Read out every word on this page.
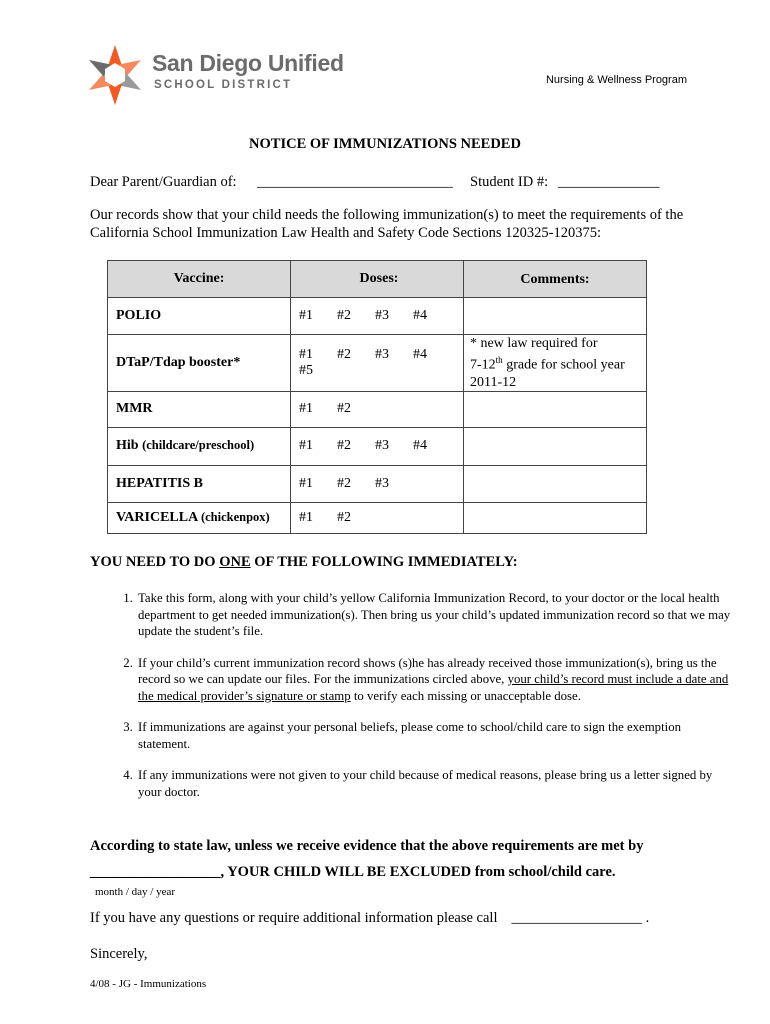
San Diego Unified
SCHOOL DISTRICT	Nursing & Wellness Program
NOTICE OF IMMUNIZATIONS NEEDED
Dear Parent/Guardian of: ___________________________ Student ID #: ______________
Our records show that your child needs the following immunization(s) to meet the requirements of the California School Immunization Law Health and Safety Code Sections 120325-120375:
Vaccine:	Doses:	Comments:
POLIO	#1 #2 #3 #4	
DTaP/Tdap booster*	#1 #2 #3 #4#5	* new law required for
7-12th grade for school year
2011-12
MMR	#1 #2	
Hib (childcare/preschool)	#1 #2 #3 #4	
HEPATITIS B	#1 #2 #3	
VARICELLA (chickenpox)	#1 #2	
YOU NEED TO DO ONE OF THE FOLLOWING IMMEDIATELY:
1. Take this form, along with your child’s yellow California Immunization Record, to your doctor or the local health department to get needed immunization(s). Then bring us your child’s updated immunization record so that we may update the student’s file.
2. If your child’s current immunization record shows (s)he has already received those immunization(s), bring us the record so we can update our files. For the immunizations circled above, your child’s record must include a date and the medical provider’s signature or stamp to verify each missing or unacceptable dose.
3. If immunizations are against your personal beliefs, please come to school/child care to sign the exemption statement.
4. If any immunizations were not given to your child because of medical reasons, please bring us a letter signed by your doctor.
According to state law, unless we receive evidence that the above requirements are met by
__________________, YOUR CHILD WILL BE EXCLUDED from school/child care.
month / day / year
If you have any questions or require additional information please call __________________ .
Sincerely,
4/08 - JG - Immunizations
